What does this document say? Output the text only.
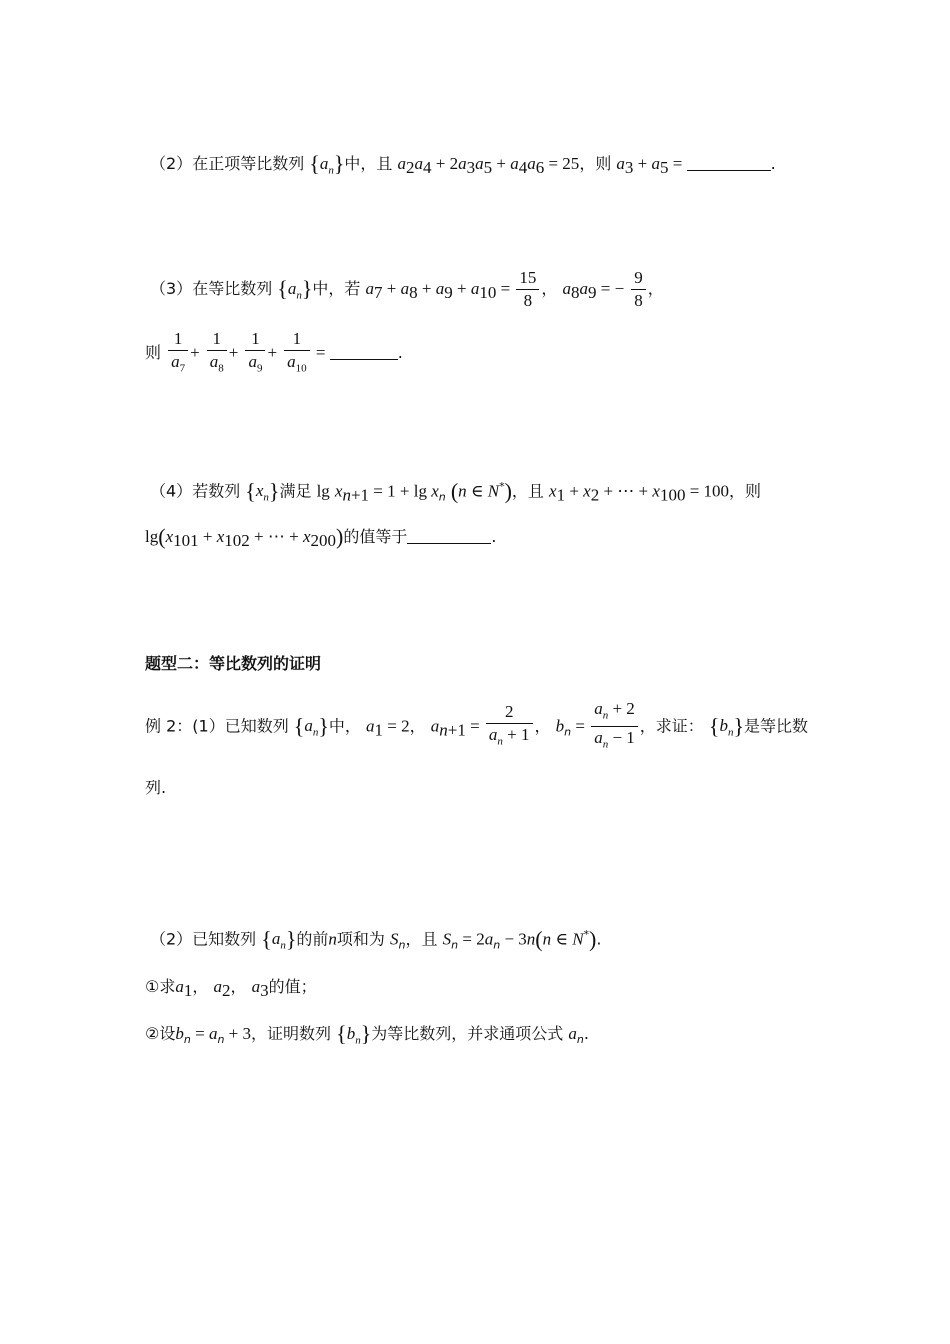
（2）在正项等比数列 $\{a_n\}$中，且 $a_2a_4 + 2a_3a_5 + a_4a_6 = 25$，则 $a_3 + a_5$ =	.
（3）在等比数列 $\{a_n\}$中，若 $a_7 + a_8 + a_9 + a_{10} = \frac{15}{8}$ ， $a_8a_9$ = − $\frac{9}{8}$ ，
则 $\frac{1}{a_7} + \frac{1}{a_8} + \frac{1}{a_9} + \frac{1}{a_{10}}$ =	.
（4）若数列 $\{x_n\}$满足 $\lg x_{n+1} = 1 + \lg x_n$ (n ∈ N*)，且 $x_1 + x_2$ + ⋯ + $x_{100} = 100$，则
$\lg(x_{101} + x_{102}$ + ⋯ + $x_{200}$)的值等于	.
题型二：等比数列的证明
例 2：(1）已知数列 $\{a_n\}$中， $a_1 = 2$， $a_{n+1} = \frac{2}{a_n + 1}$ ， $b_n = \frac{a_n + 2}{a_n - 1}$ ，求证： $\{b_n\}$是等比数
列.
（2）已知数列 $\{a_n\}$的前n项和为 $S_n$，且 $S_n = 2a_n - 3n(n$ ∈ N*).
①求$a_1$， $a_2$， $a_3$的值；
②设$b_n = a_n + 3$，证明数列 $\{b_n\}$为等比数列，并求通项公式 $a_n$.
